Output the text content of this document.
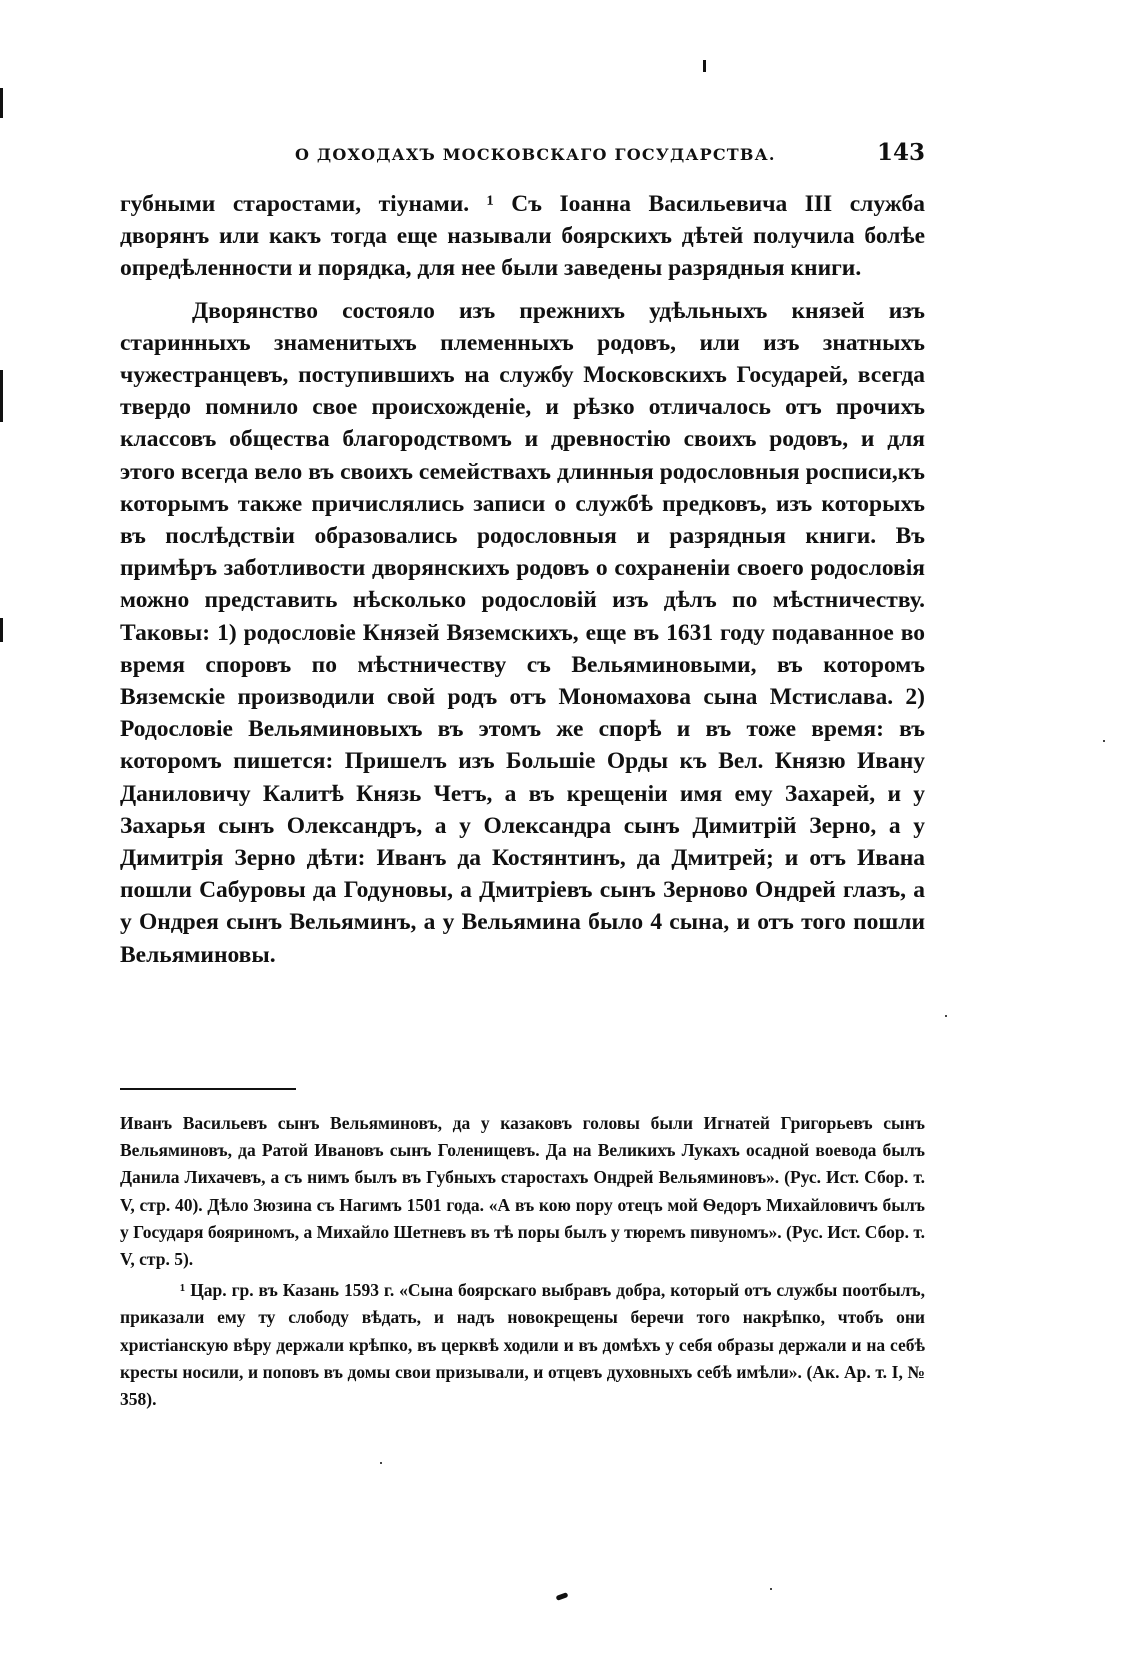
О ДОХОДАХЪ МОСКОВСКАГО ГОСУДАРСТВА.	143

губными старостами, тіунами. ¹ Съ Іоанна Васильевича III служба дворянъ или какъ тогда еще называли боярскихъ дѣтей получила болѣе опредѣленности и порядка, для нее были заведены разрядныя книги.

Дворянство состояло изъ прежнихъ удѣльныхъ князей изъ старинныхъ знаменитыхъ племенныхъ родовъ, или изъ знатныхъ чужестранцевъ, поступившихъ на службу Московскихъ Государей, всегда твердо помнило свое происхожденіе, и рѣзко отличалось отъ прочихъ классовъ общества благородствомъ и древностію своихъ родовъ, и для этого всегда вело въ своихъ семействахъ длинныя родословныя росписи,къ которымъ также причислялись записи о службѣ предковъ, изъ которыхъ въ послѣдствіи образовались родословныя и разрядныя книги. Въ примѣръ заботливости дворянскихъ родовъ о сохраненіи своего родословія можно представить нѣсколько родословій изъ дѣлъ по мѣстничеству. Таковы: 1) родословіе Князей Вяземскихъ, еще въ 1631 году подаванное во время споровъ по мѣстничеству съ Вельяминовыми, въ которомъ Вяземскіе производили свой родъ отъ Мономахова сына Мстислава. 2) Родословіе Вельяминовыхъ въ этомъ же спорѣ и въ тоже время: въ которомъ пишется: Пришелъ изъ Большіе Орды къ Вел. Князю Ивану Даниловичу Калитѣ Князь Четъ, а въ крещеніи имя ему Захарей, и у Захарья сынъ Олександръ, а у Олександра сынъ Димитрій Зерно, а у Димитрія Зерно дѣти: Иванъ да Костянтинъ, да Дмитрей; и отъ Ивана пошли Сабуровы да Годуновы, а Дмитріевъ сынъ Зерново Ондрей глазъ, а у Ондрея сынъ Вельяминъ, а у Вельямина было 4 сына, и отъ того пошли Вельяминовы.

Иванъ Васильевъ сынъ Вельяминовъ, да у казаковъ головы были Игнатей Григорьевъ сынъ Вельяминовъ, да Ратой Ивановъ сынъ Голенищевъ. Да на Великихъ Лукахъ осадной воевода былъ Данила Лихачевъ, а съ нимъ былъ въ Губныхъ старостахъ Ондрей Вельяминовъ». (Рус. Ист. Сбор. т. V, стр. 40). Дѣло Зюзина съ Нагимъ 1501 года. «А въ кою пору отецъ мой Ѳедоръ Михайловичъ былъ у Государя бояриномъ, а Михайло Шетневъ въ тѣ поры былъ у тюремъ пивуномъ». (Рус. Ист. Сбор. т. V, стр. 5).

¹ Цар. гр. въ Казань 1593 г. «Сына боярскаго выбравъ добра, который отъ службы поотбылъ, приказали ему ту слободу вѣдать, и надъ новокрещены беречи того накрѣпко, чтобъ они христіанскую вѣру держали крѣпко, въ церквѣ ходили и въ домѣхъ у себя образы держали и на себѣ кресты носили, и поповъ въ домы свои призывали, и отцевъ духовныхъ себѣ имѣли». (Ак. Ар. т. I, № 358).
